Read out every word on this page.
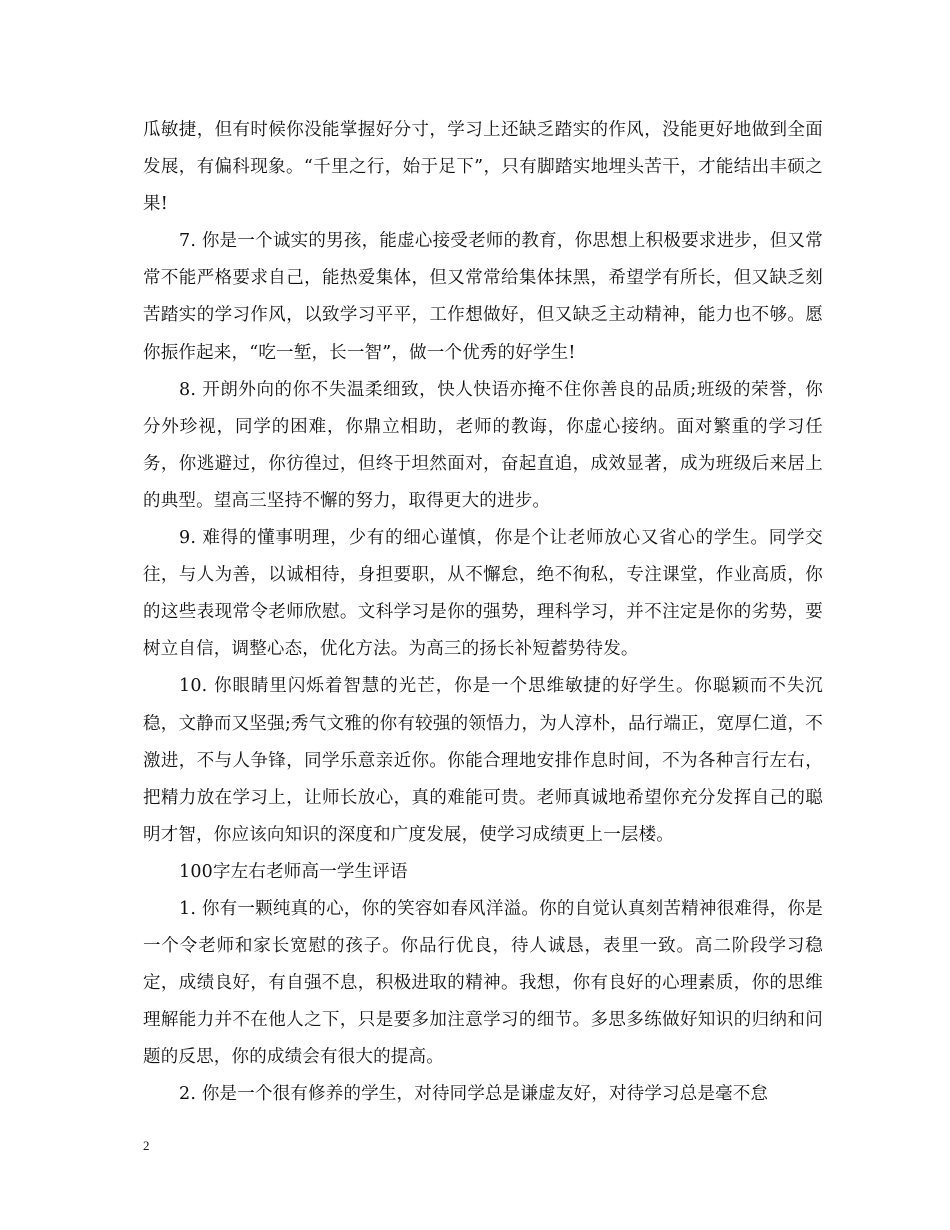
瓜敏捷，但有时候你没能掌握好分寸，学习上还缺乏踏实的作风，没能更好地做到全面发展，有偏科现象。“千里之行，始于足下”，只有脚踏实地埋头苦干，才能结出丰硕之果!

7. 你是一个诚实的男孩，能虚心接受老师的教育，你思想上积极要求进步，但又常常不能严格要求自己，能热爱集体，但又常常给集体抹黑，希望学有所长，但又缺乏刻苦踏实的学习作风，以致学习平平，工作想做好，但又缺乏主动精神，能力也不够。愿你振作起来，“吃一堑，长一智”，做一个优秀的好学生!

8. 开朗外向的你不失温柔细致，快人快语亦掩不住你善良的品质;班级的荣誉，你分外珍视，同学的困难，你鼎立相助，老师的教诲，你虚心接纳。面对繁重的学习任务，你逃避过，你彷徨过，但终于坦然面对，奋起直追，成效显著，成为班级后来居上的典型。望高三坚持不懈的努力，取得更大的进步。

9. 难得的懂事明理，少有的细心谨慎，你是个让老师放心又省心的学生。同学交往，与人为善，以诚相待，身担要职，从不懈怠，绝不徇私，专注课堂，作业高质，你的这些表现常令老师欣慰。文科学习是你的强势，理科学习，并不注定是你的劣势，要树立自信，调整心态，优化方法。为高三的扬长补短蓄势待发。

10. 你眼睛里闪烁着智慧的光芒，你是一个思维敏捷的好学生。你聪颖而不失沉稳，文静而又坚强;秀气文雅的你有较强的领悟力，为人淳朴，品行端正，宽厚仁道，不激进，不与人争锋，同学乐意亲近你。你能合理地安排作息时间，不为各种言行左右，把精力放在学习上，让师长放心，真的难能可贵。老师真诚地希望你充分发挥自己的聪明才智，你应该向知识的深度和广度发展，使学习成绩更上一层楼。

100字左右老师高一学生评语

1. 你有一颗纯真的心，你的笑容如春风洋溢。你的自觉认真刻苦精神很难得，你是一个令老师和家长宽慰的孩子。你品行优良，待人诚恳，表里一致。高二阶段学习稳定，成绩良好，有自强不息，积极进取的精神。我想，你有良好的心理素质，你的思维理解能力并不在他人之下，只是要多加注意学习的细节。多思多练做好知识的归纳和问题的反思，你的成绩会有很大的提高。

2. 你是一个很有修养的学生，对待同学总是谦虚友好，对待学习总是毫不怠

2
